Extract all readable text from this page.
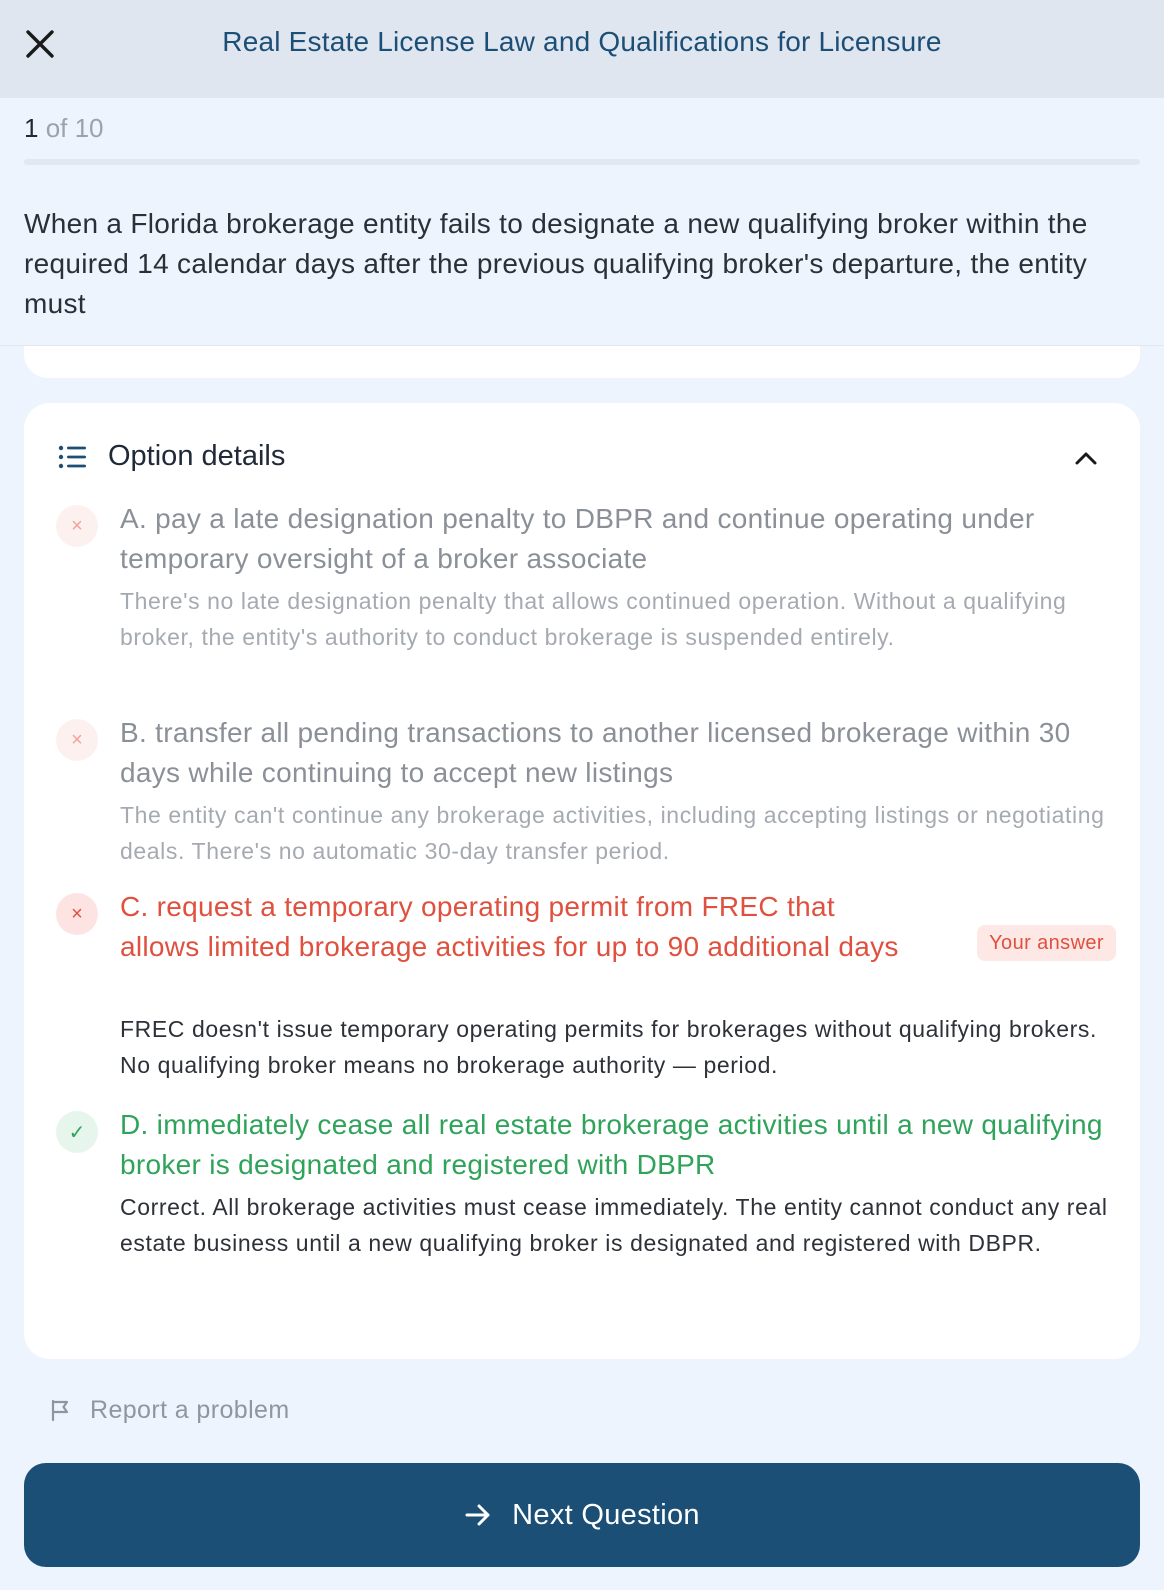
Real Estate License Law and Qualifications for Licensure
1 of 10
When a Florida brokerage entity fails to designate a new qualifying broker within the required 14 calendar days after the previous qualifying broker's departure, the entity must
Option details
×	A. pay a late designation penalty to DBPR and continue operating under temporary oversight of a broker associate
There's no late designation penalty that allows continued operation. Without a qualifying broker, the entity's authority to conduct brokerage is suspended entirely.
×	B. transfer all pending transactions to another licensed brokerage within 30 days while continuing to accept new listings
The entity can't continue any brokerage activities, including accepting listings or negotiating deals. There's no automatic 30-day transfer period.
×	C. request a temporary operating permit from FREC that allows limited brokerage activities for up to 90 additional days	Your answer
FREC doesn't issue temporary operating permits for brokerages without qualifying brokers. No qualifying broker means no brokerage authority — period.
✓	D. immediately cease all real estate brokerage activities until a new qualifying broker is designated and registered with DBPR
Correct. All brokerage activities must cease immediately. The entity cannot conduct any real estate business until a new qualifying broker is designated and registered with DBPR.
Report a problem
Next Question
